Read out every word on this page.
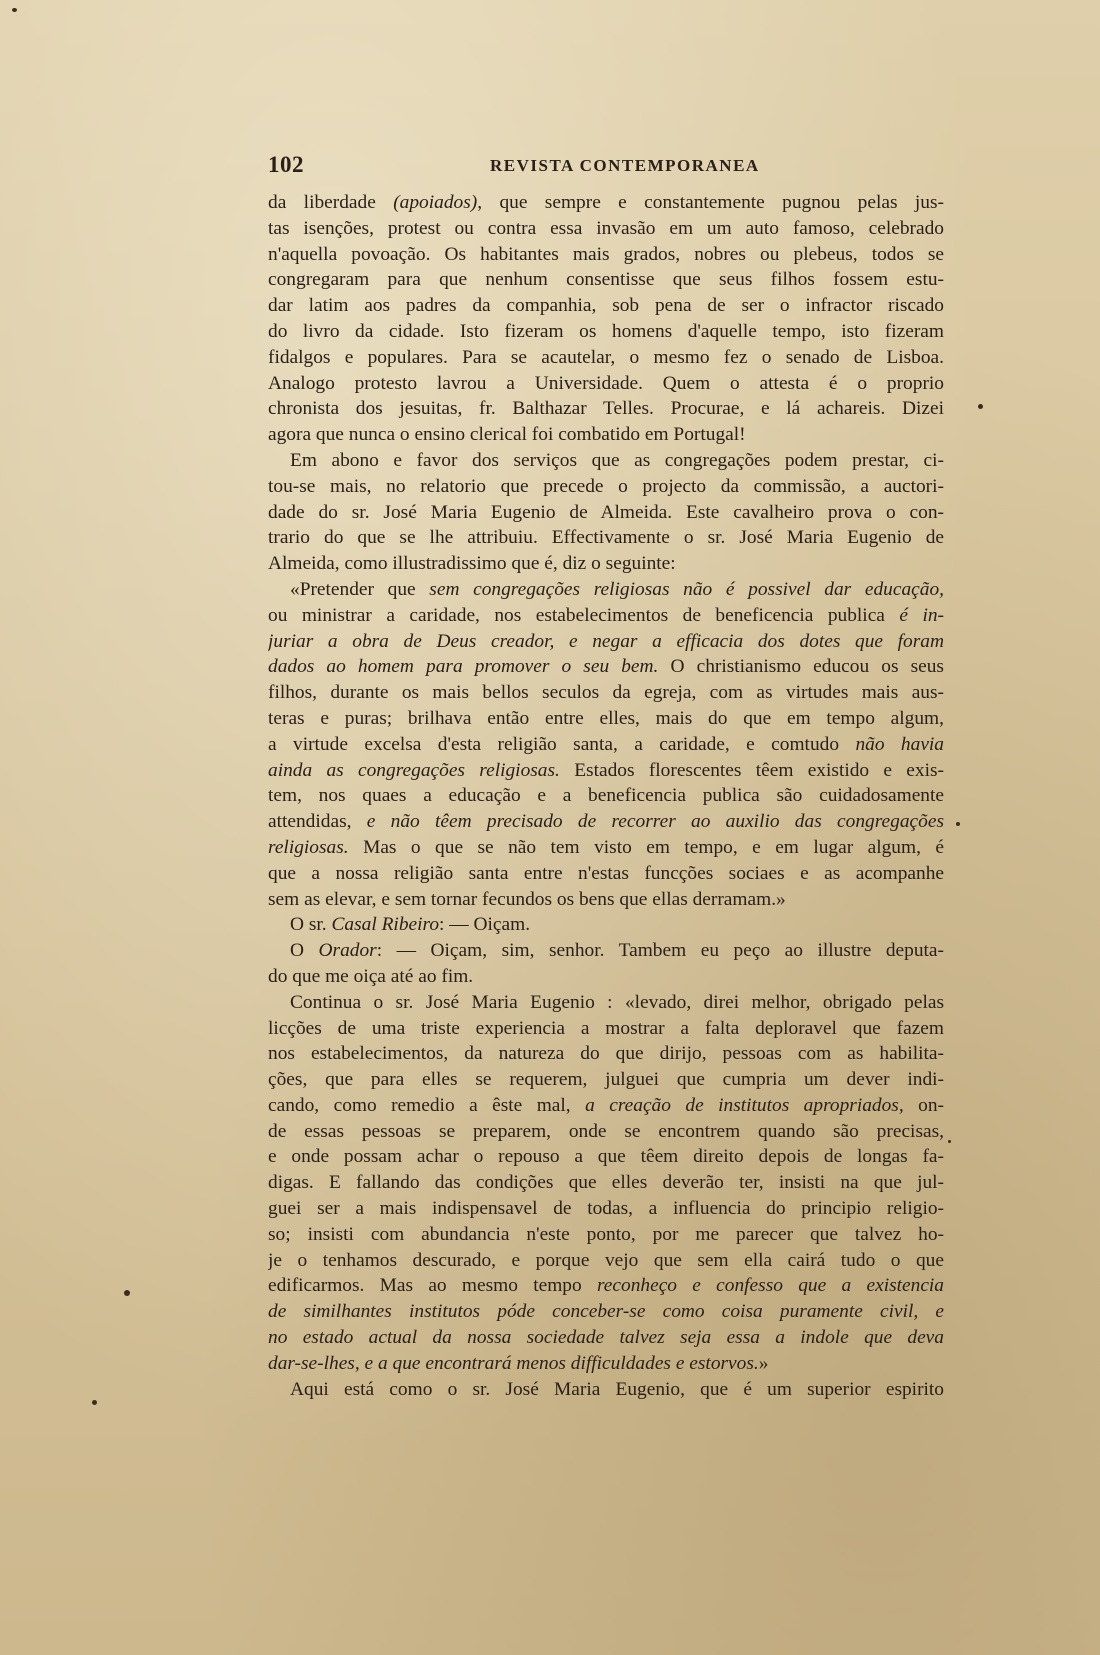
102	REVISTA CONTEMPORANEA
da liberdade (apoiados), que sempre e constantemente pugnou pelas jus-
tas isenções, protest ou contra essa invasão em um auto famoso, celebrado
n'aquella povoação. Os habitantes mais grados, nobres ou plebeus, todos se
congregaram para que nenhum consentisse que seus filhos fossem estu-
dar latim aos padres da companhia, sob pena de ser o infractor riscado
do livro da cidade. Isto fizeram os homens d'aquelle tempo, isto fizeram
fidalgos e populares. Para se acautelar, o mesmo fez o senado de Lisboa.
Analogo protesto lavrou a Universidade. Quem o attesta é o proprio
chronista dos jesuitas, fr. Balthazar Telles. Procurae, e lá achareis. Dizei
agora que nunca o ensino clerical foi combatido em Portugal!
Em abono e favor dos serviços que as congregações podem prestar, ci-
tou-se mais, no relatorio que precede o projecto da commissão, a auctori-
dade do sr. José Maria Eugenio de Almeida. Este cavalheiro prova o con-
trario do que se lhe attribuiu. Effectivamente o sr. José Maria Eugenio de
Almeida, como illustradissimo que é, diz o seguinte:
«Pretender que sem congregações religiosas não é possivel dar educação,
ou ministrar a caridade, nos estabelecimentos de beneficencia publica é in-
juriar a obra de Deus creador, e negar a efficacia dos dotes que foram
dados ao homem para promover o seu bem. O christianismo educou os seus
filhos, durante os mais bellos seculos da egreja, com as virtudes mais aus-
teras e puras; brilhava então entre elles, mais do que em tempo algum,
a virtude excelsa d'esta religião santa, a caridade, e comtudo não havia
ainda as congregações religiosas. Estados florescentes têem existido e exis-
tem, nos quaes a educação e a beneficencia publica são cuidadosamente
attendidas, e não têem precisado de recorrer ao auxilio das congregações
religiosas. Mas o que se não tem visto em tempo, e em lugar algum, é
que a nossa religião santa entre n'estas funcções sociaes e as acompanhe
sem as elevar, e sem tornar fecundos os bens que ellas derramam.»
O sr. Casal Ribeiro: — Oiçam.
O Orador: — Oiçam, sim, senhor. Tambem eu peço ao illustre deputa-
do que me oiça até ao fim.
Continua o sr. José Maria Eugenio : «levado, direi melhor, obrigado pelas
licções de uma triste experiencia a mostrar a falta deploravel que fazem
nos estabelecimentos, da natureza do que dirijo, pessoas com as habilita-
ções, que para elles se requerem, julguei que cumpria um dever indi-
cando, como remedio a êste mal, a creação de institutos apropriados, on-
de essas pessoas se preparem, onde se encontrem quando são precisas,
e onde possam achar o repouso a que têem direito depois de longas fa-
digas. E fallando das condições que elles deverão ter, insisti na que jul-
guei ser a mais indispensavel de todas, a influencia do principio religio-
so; insisti com abundancia n'este ponto, por me parecer que talvez ho-
je o tenhamos descurado, e porque vejo que sem ella cairá tudo o que
edificarmos. Mas ao mesmo tempo reconheço e confesso que a existencia
de similhantes institutos póde conceber-se como coisa puramente civil, e
no estado actual da nossa sociedade talvez seja essa a indole que deva
dar-se-lhes, e a que encontrará menos difficuldades e estorvos.»
Aqui está como o sr. José Maria Eugenio, que é um superior espirito
